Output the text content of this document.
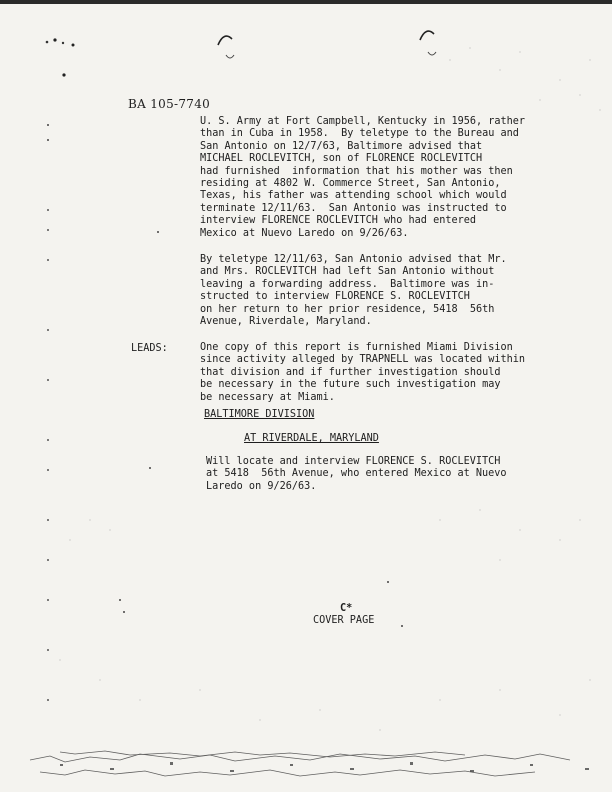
BA 105-7740
U. S. Army at Fort Campbell, Kentucky in 1956, rather
than in Cuba in 1958.  By teletype to the Bureau and
San Antonio on 12/7/63, Baltimore advised that
MICHAEL ROCLEVITCH, son of FLORENCE ROCLEVITCH
had furnished  information that his mother was then
residing at 4802 W. Commerce Street, San Antonio,
Texas, his father was attending school which would
terminate 12/11/63.  San Antonio was instructed to
interview FLORENCE ROCLEVITCH who had entered
Mexico at Nuevo Laredo on 9/26/63.
By teletype 12/11/63, San Antonio advised that Mr.
and Mrs. ROCLEVITCH had left San Antonio without
leaving a forwarding address.  Baltimore was in-
structed to interview FLORENCE S. ROCLEVITCH
on her return to her prior residence, 5418  56th
Avenue, Riverdale, Maryland.
LEADS:	One copy of this report is furnished Miami Division
since activity alleged by TRAPNELL was located within
that division and if further investigation should
be necessary in the future such investigation may
be necessary at Miami.
BALTIMORE DIVISION
AT RIVERDALE, MARYLAND
Will locate and interview FLORENCE S. ROCLEVITCH
at 5418  56th Avenue, who entered Mexico at Nuevo
Laredo on 9/26/63.
C*
COVER PAGE
